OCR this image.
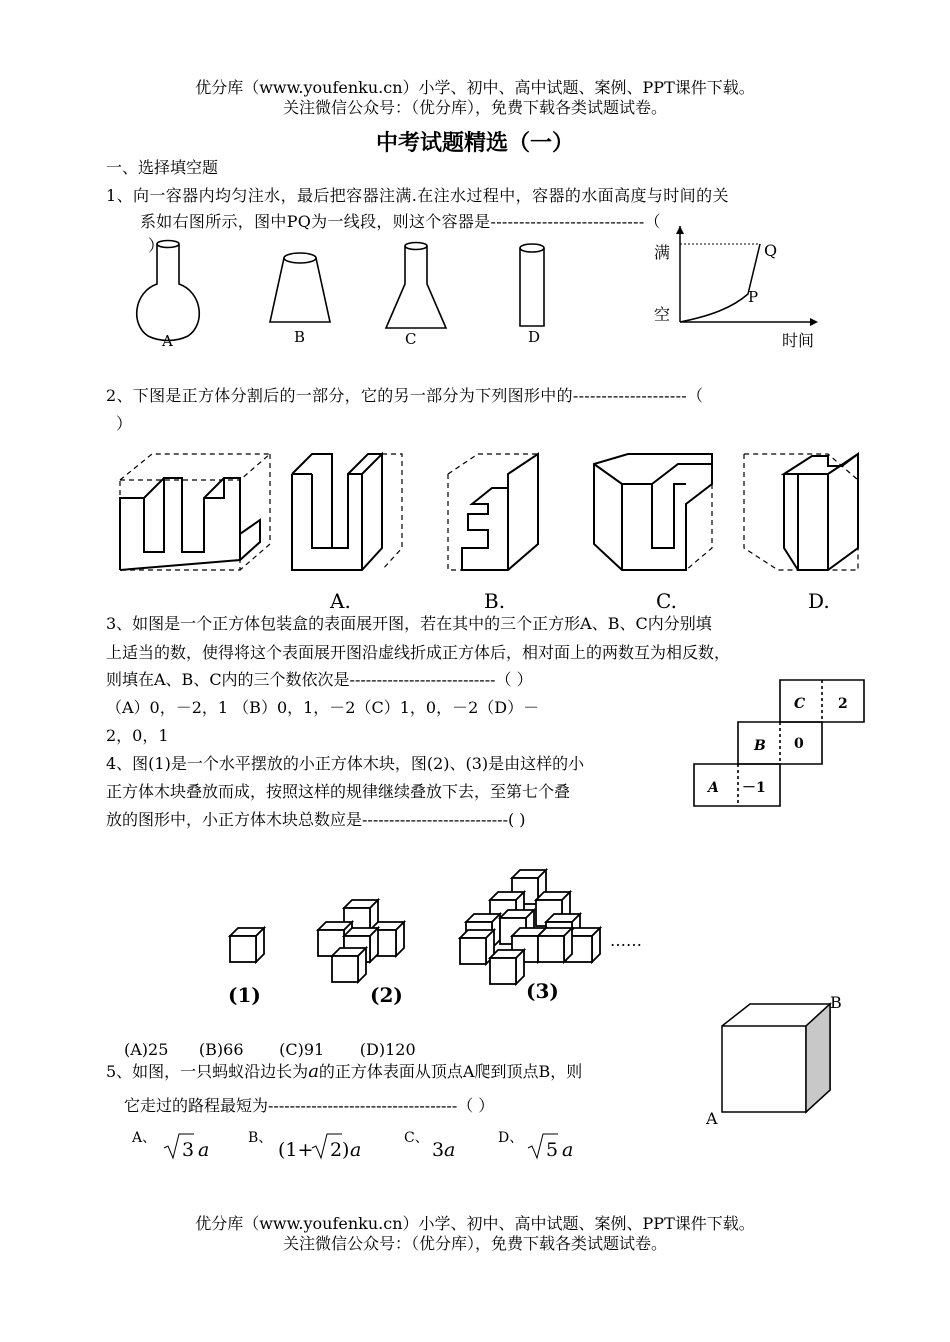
优分库（www.youfenku.cn）小学、初中、高中试题、案例、PPT课件下载。
关注微信公众号：（优分库），免费下载各类试题试卷。
中考试题精选（一）
一、选择填空题
1、向一容器内均匀注水，最后把容器注满.在注水过程中，容器的水面高度与时间的关
系如右图所示，图中PQ为一线段，则这个容器是---------------------------（
）
A	B	C	D
满
空
时间
P
Q
2、下图是正方体分割后的一部分，它的另一部分为下列图形中的--------------------（
）
A.	B.	C.	D.
3、如图是一个正方体包装盒的表面展开图，若在其中的三个正方形A、B、C内分别填
上适当的数，使得将这个表面展开图沿虚线折成正方体后，相对面上的两数互为相反数，
则填在A、B、C内的三个数依次是---------------------------（ ）
（A）0，－2，1 （B）0，1，－2（C）1，0，－2（D）－
2，0，1
C 2
B 0
A －1
4、图(1)是一个水平摆放的小正方体木块，图(2)、(3)是由这样的小
正方体木块叠放而成，按照这样的规律继续叠放下去，至第七个叠
放的图形中，小正方体木块总数应是---------------------------( )
(1)	(2)	(3)
……
(A)25      (B)66       (C)91       (D)120
5、如图，一只蚂蚁沿边长为a的正方体表面从顶点A爬到顶点B，则
它走过的路程最短为-----------------------------------（ ）
A、
3 a
B、
(1+ 2 ) a
C、
3 a
D、
5 a
A
B
优分库（www.youfenku.cn）小学、初中、高中试题、案例、PPT课件下载。
关注微信公众号：（优分库），免费下载各类试题试卷。
